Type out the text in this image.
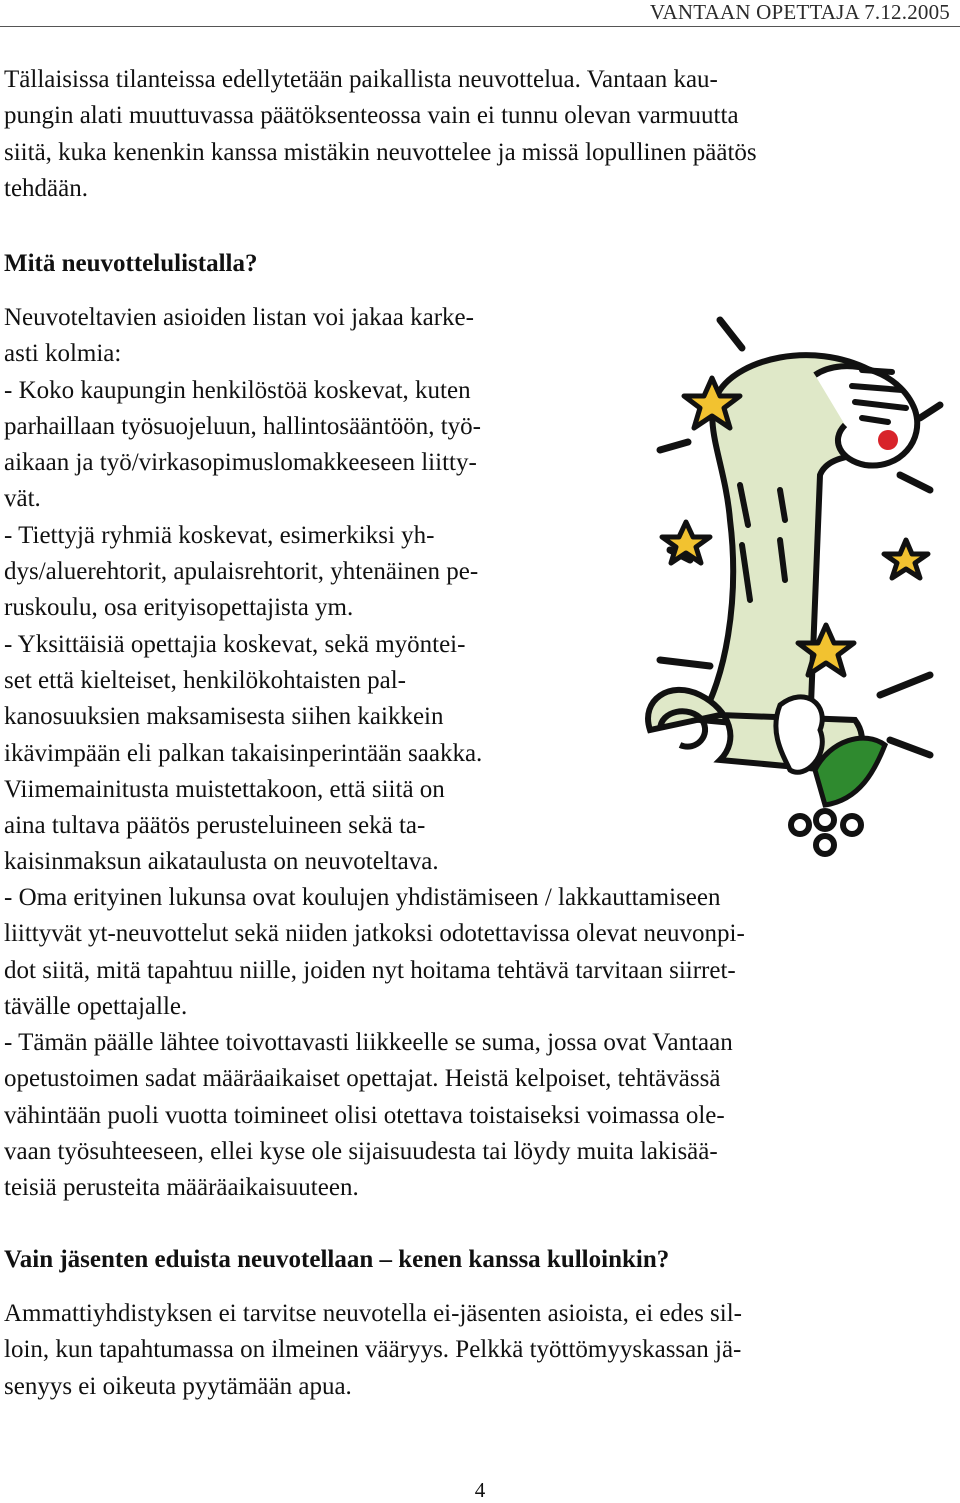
VANTAAN OPETTAJA 7.12.2005
Tällaisissa tilanteissa edellytetään paikallista neuvottelua. Vantaan kau-
pungin alati muuttuvassa päätöksenteossa vain ei tunnu olevan varmuutta
siitä, kuka kenenkin kanssa mistäkin neuvottelee ja missä lopullinen päätös
tehdään.
Mitä neuvottelulistalla?
Neuvoteltavien asioiden listan voi jakaa karke-
asti kolmia:
- Koko kaupungin henkilöstöä koskevat, kuten
parhaillaan työsuojeluun, hallintosääntöön, työ-
aikaan ja työ/virkasopimuslomakkeeseen liitty-
vät.
- Tiettyjä ryhmiä koskevat, esimerkiksi yh-
dys/aluerehtorit, apulaisrehtorit, yhtenäinen pe-
ruskoulu, osa erityisopettajista ym.
- Yksittäisiä opettajia koskevat, sekä myöntei-
set että kielteiset, henkilökohtaisten pal-
kanosuuksien maksamisesta siihen kaikkein
ikävimpään eli palkan takaisinperintään saakka.
Viimemainitusta muistettakoon, että siitä on
aina tultava päätös perusteluineen sekä ta-
kaisinmaksun aikataulusta on neuvoteltava.
- Oma erityinen lukunsa ovat koulujen yhdistämiseen / lakkauttamiseen
liittyvät yt-neuvottelut sekä niiden jatkoksi odotettavissa olevat neuvonpi-
dot siitä, mitä tapahtuu niille, joiden nyt hoitama tehtävä tarvitaan siirret-
tävälle opettajalle.
- Tämän päälle lähtee toivottavasti liikkeelle se suma, jossa ovat Vantaan
opetustoimen sadat määräaikaiset opettajat. Heistä kelpoiset, tehtävässä
vähintään puoli vuotta toimineet olisi otettava toistaiseksi voimassa ole-
vaan työsuhteeseen, ellei kyse ole sijaisuudesta tai löydy muita lakisää-
teisiä perusteita määräaikaisuuteen.
Vain jäsenten eduista neuvotellaan – kenen kanssa kulloinkin?
Ammattiyhdistyksen ei tarvitse neuvotella ei-jäsenten asioista, ei edes sil-
loin, kun tapahtumassa on ilmeinen vääryys. Pelkkä työttömyyskassan jä-
senyys ei oikeuta pyytämään apua.
4
